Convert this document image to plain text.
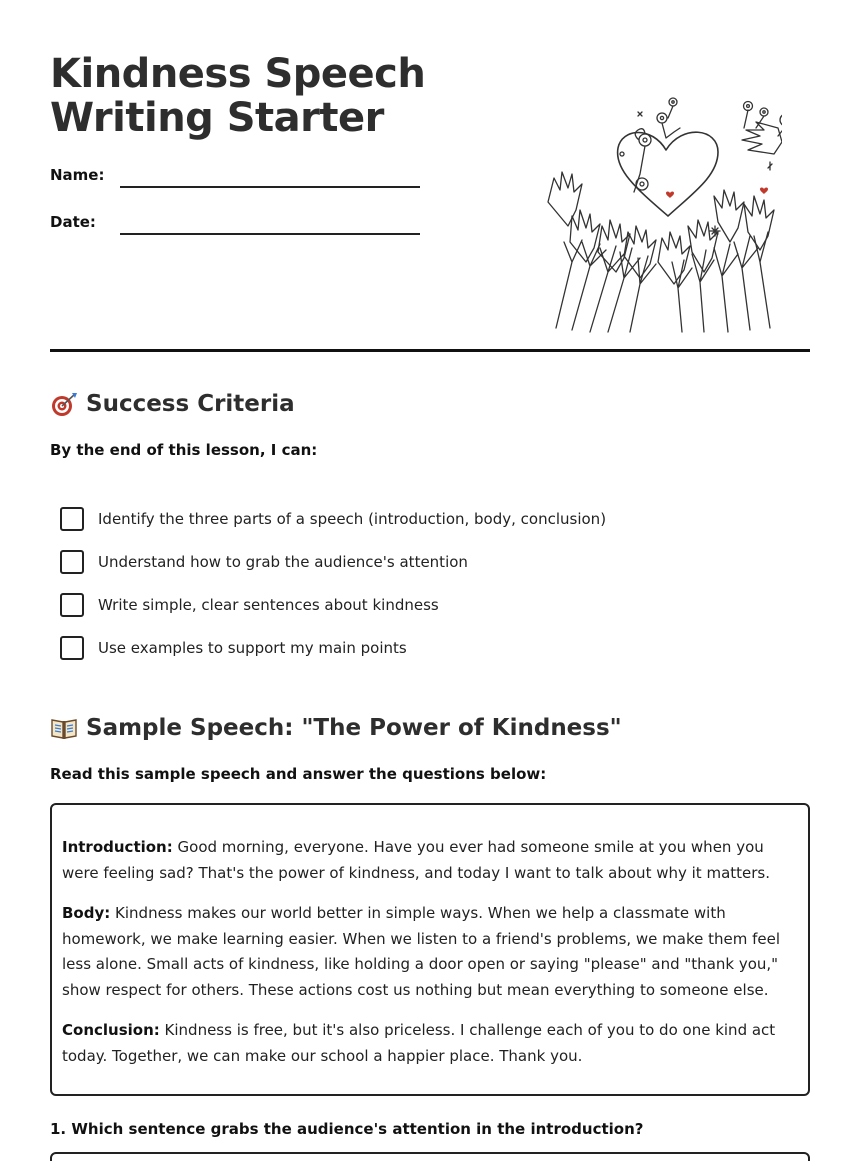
Kindness Speech
Writing Starter
Name:
Date:
Success Criteria

By the end of this lesson, I can:

Identify the three parts of a speech (introduction, body, conclusion)
Understand how to grab the audience's attention
Write simple, clear sentences about kindness
Use examples to support my main points
Sample Speech: "The Power of Kindness"

Read this sample speech and answer the questions below:

Introduction: Good morning, everyone. Have you ever had someone smile at you when you were feeling sad? That's the power of kindness, and today I want to talk about why it matters.

Body: Kindness makes our world better in simple ways. When we help a classmate with homework, we make learning easier. When we listen to a friend's problems, we make them feel less alone. Small acts of kindness, like holding a door open or saying "please" and "thank you," show respect for others. These actions cost us nothing but mean everything to someone else.

Conclusion: Kindness is free, but it's also priceless. I challenge each of you to do one kind act today. Together, we can make our school a happier place. Thank you.

1. Which sentence grabs the audience's attention in the introduction?
